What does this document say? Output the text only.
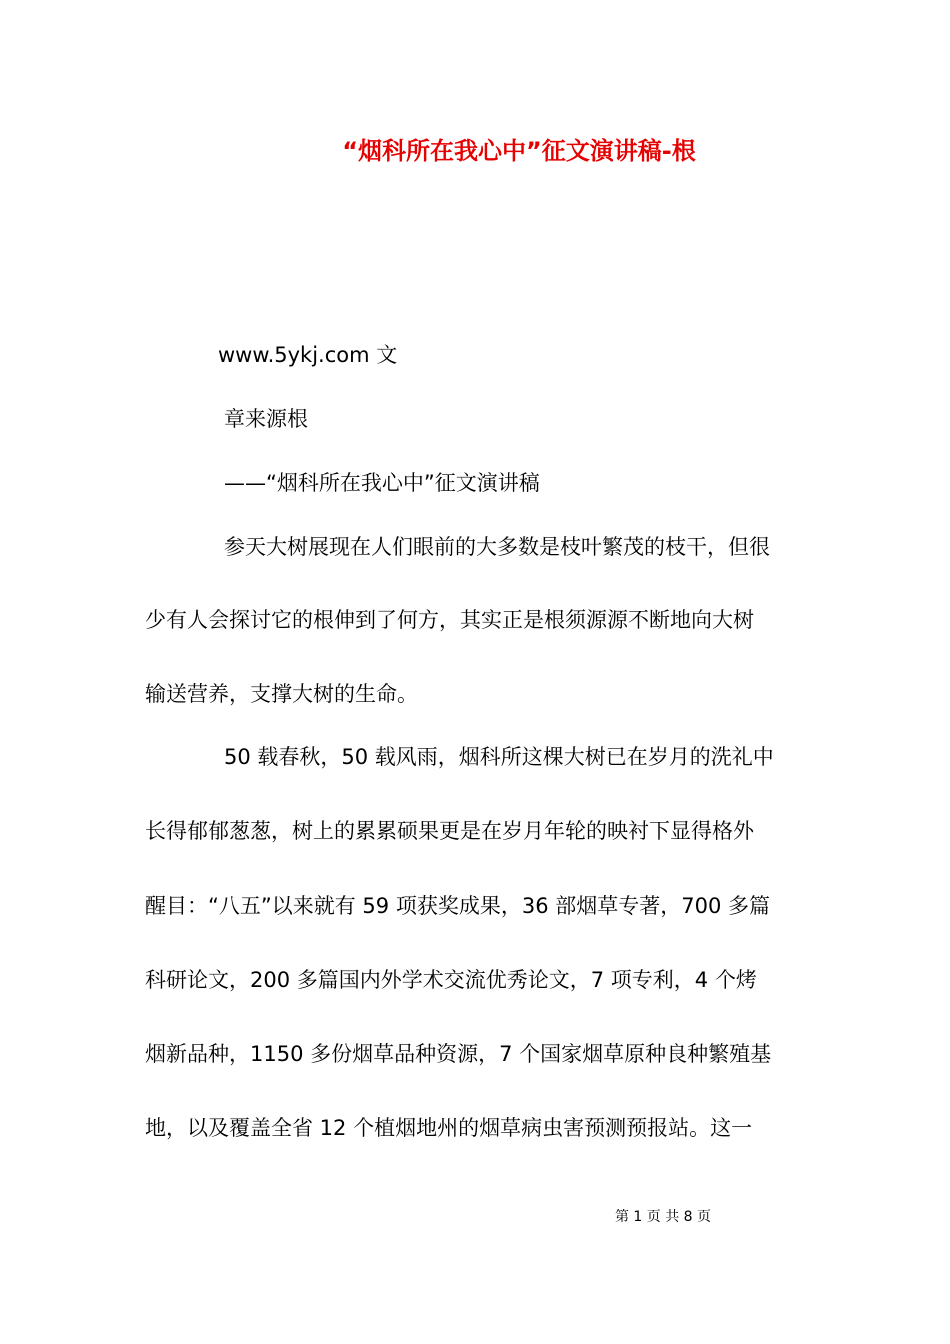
“烟科所在我心中”征文演讲稿-根

www.5ykj.com 文

章来源根

——“烟科所在我心中”征文演讲稿

参天大树展现在人们眼前的大多数是枝叶繁茂的枝干，但很

少有人会探讨它的根伸到了何方，其实正是根须源源不断地向大树

输送营养，支撑大树的生命。

50 载春秋，50 载风雨，烟科所这棵大树已在岁月的洗礼中

长得郁郁葱葱，树上的累累硕果更是在岁月年轮的映衬下显得格外

醒目：“八五”以来就有 59 项获奖成果，36 部烟草专著，700 多篇

科研论文，200 多篇国内外学术交流优秀论文，7 项专利，4 个烤

烟新品种，1150 多份烟草品种资源，7 个国家烟草原种良种繁殖基

地，以及覆盖全省 12 个植烟地州的烟草病虫害预测预报站。这一

第 1 页 共 8 页
